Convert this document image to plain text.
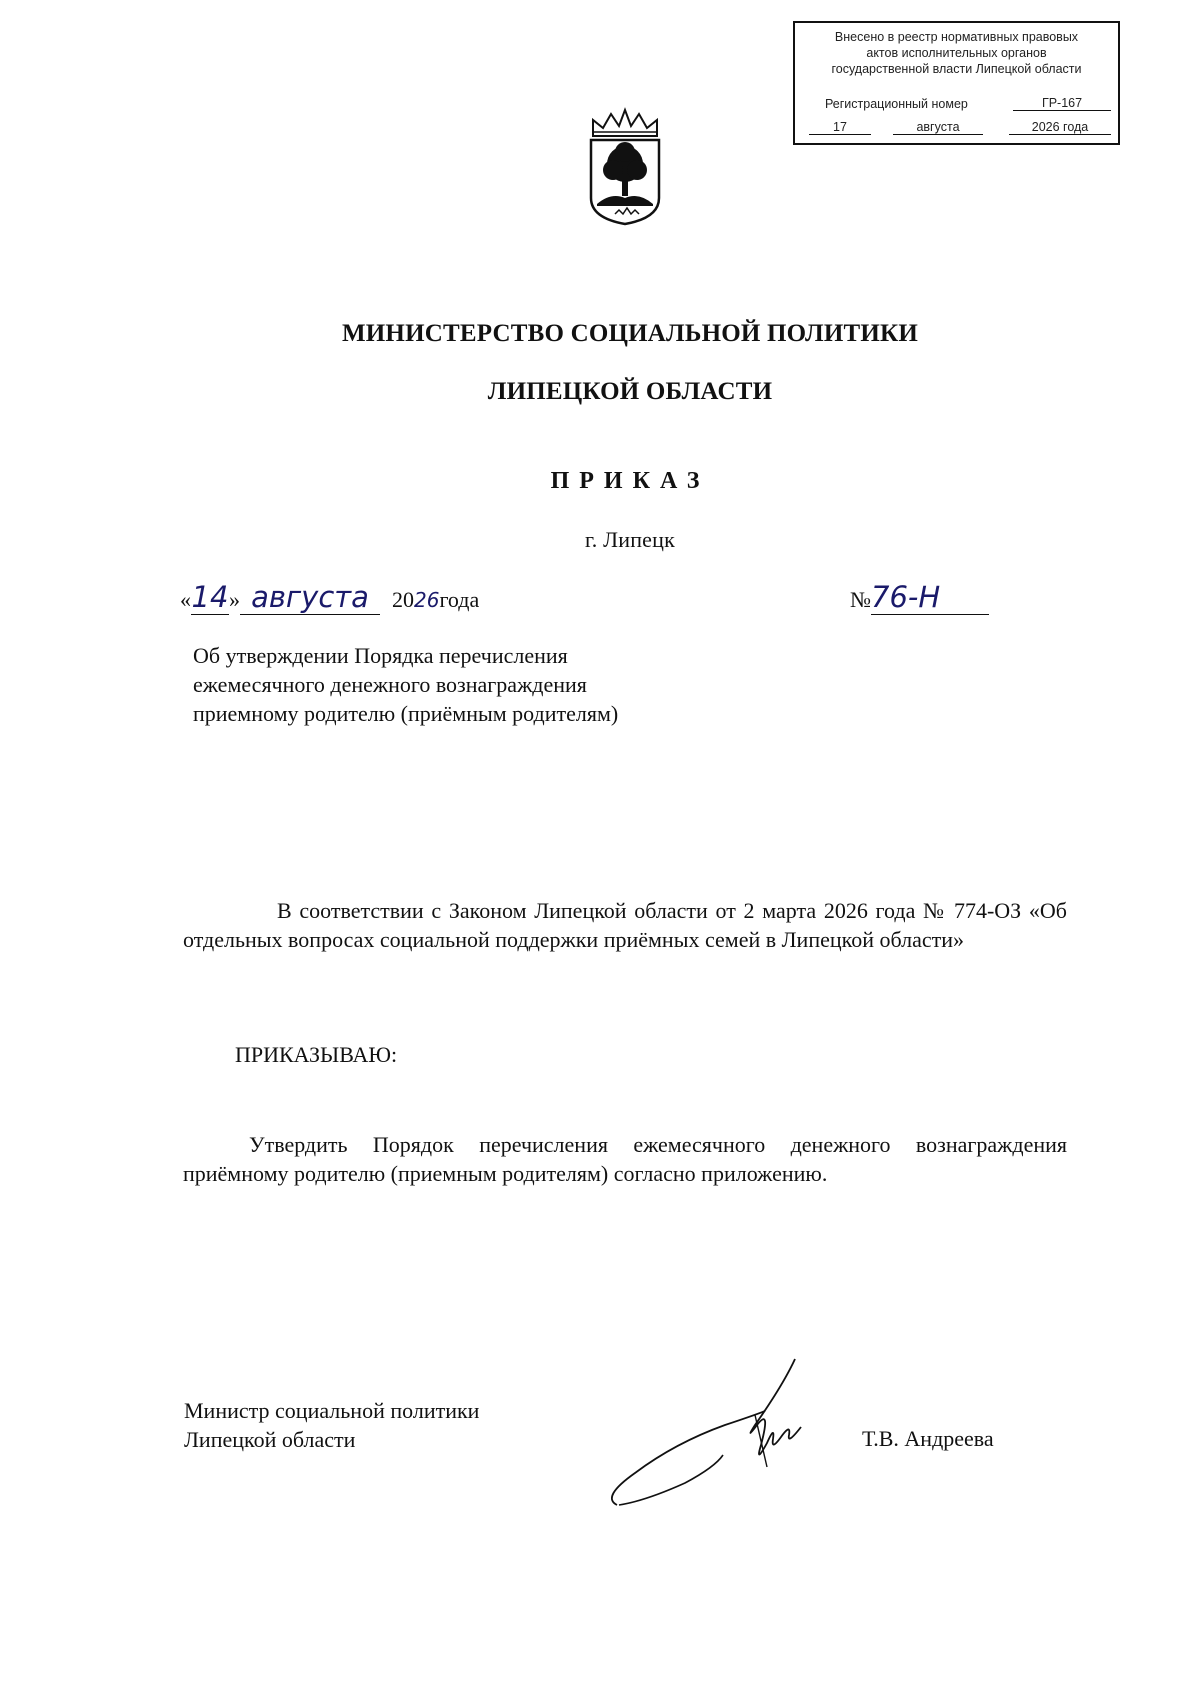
Внесено в реестр нормативных правовых
актов исполнительных органов
государственной власти Липецкой области
Регистрационный номер	ГР-167
17	августа	2026 года
МИНИСТЕРСТВО СОЦИАЛЬНОЙ ПОЛИТИКИ
ЛИПЕЦКОЙ ОБЛАСТИ
ПРИКАЗ
г. Липецк
«14» августа 2026года	№76-Н
Об утверждении Порядка перечисления
ежемесячного денежного вознаграждения
приемному родителю (приёмным родителям)
В соответствии с Законом Липецкой области от 2 марта 2026 года № 774-ОЗ «Об отдельных вопросах социальной поддержки приёмных семей в Липецкой области»
ПРИКАЗЫВАЮ:
Утвердить Порядок перечисления ежемесячного денежного вознаграждения приёмному родителю (приемным родителям) согласно приложению.
Министр социальной политики
Липецкой области	Т.В. Андреева
